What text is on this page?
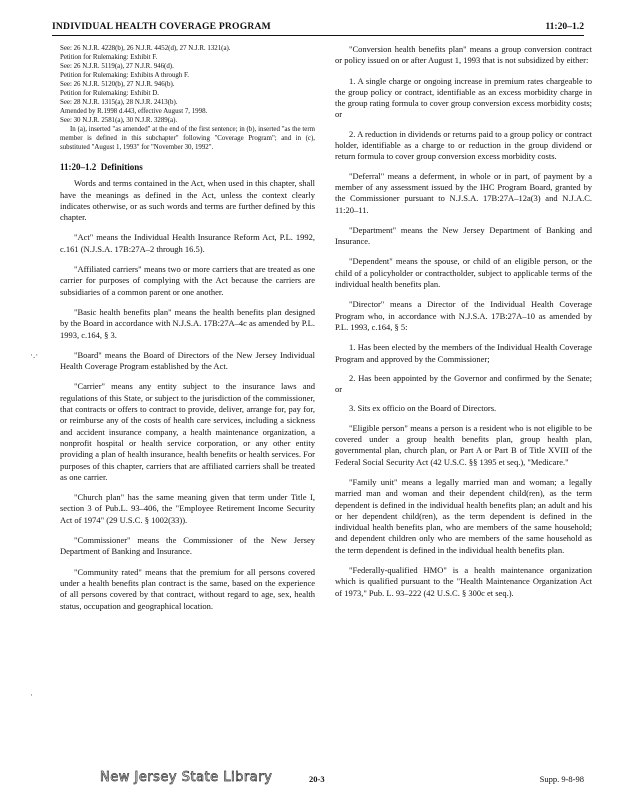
INDIVIDUAL HEALTH COVERAGE PROGRAM	11:20–1.2

See: 26 N.J.R. 4228(b), 26 N.J.R. 4452(d), 27 N.J.R. 1321(a).

Petition for Rulemaking: Exhibit F.

See: 26 N.J.R. 5119(a), 27 N.J.R. 946(d).

Petition for Rulemaking: Exhibits A through F.

See: 26 N.J.R. 5120(b), 27 N.J.R. 946(b).

Petition for Rulemaking: Exhibit D.

See: 28 N.J.R. 1315(a), 28 N.J.R. 2413(b).

Amended by R.1998 d.443, effective August 7, 1998.

See: 30 N.J.R. 2581(a), 30 N.J.R. 3289(a).

In (a), inserted "as amended" at the end of the first sentence; in (b), inserted "as the term member is defined in this subchapter" following "Coverage Program"; and in (c), substituted "August 1, 1993" for "November 30, 1992".

11:20–1.2 Definitions

Words and terms contained in the Act, when used in this chapter, shall have the meanings as defined in the Act, unless the context clearly indicates otherwise, or as such words and terms are further defined by this chapter.

"Act" means the Individual Health Insurance Reform Act, P.L. 1992, c.161 (N.J.S.A. 17B:27A–2 through 16.5).

"Affiliated carriers" means two or more carriers that are treated as one carrier for purposes of complying with the Act because the carriers are subsidiaries of a common parent or one another.

"Basic health benefits plan" means the health benefits plan designed by the Board in accordance with N.J.S.A. 17B:27A–4c as amended by P.L. 1993, c.164, § 3.

"Board" means the Board of Directors of the New Jersey Individual Health Coverage Program established by the Act.

"Carrier" means any entity subject to the insurance laws and regulations of this State, or subject to the jurisdiction of the commissioner, that contracts or offers to contract to provide, deliver, arrange for, pay for, or reimburse any of the costs of health care services, including a sickness and accident insurance company, a health maintenance organization, a nonprofit hospital or health service corporation, or any other entity providing a plan of health insurance, health benefits or health services. For purposes of this chapter, carriers that are affiliated carriers shall be treated as one carrier.

"Church plan" has the same meaning given that term under Title I, section 3 of Pub.L. 93–406, the "Employee Retirement Income Security Act of 1974" (29 U.S.C. § 1002(33)).

"Commissioner" means the Commissioner of the New Jersey Department of Banking and Insurance.

"Community rated" means that the premium for all persons covered under a health benefits plan contract is the same, based on the experience of all persons covered by that contract, without regard to age, sex, health status, occupation and geographical location.

"Conversion health benefits plan" means a group conversion contract or policy issued on or after August 1, 1993 that is not subsidized by either:

1. A single charge or ongoing increase in premium rates chargeable to the group policy or contract, identifiable as an excess morbidity charge in the group rating formula to cover group conversion excess morbidity costs; or

2. A reduction in dividends or returns paid to a group policy or contract holder, identifiable as a charge to or reduction in the group dividend or return formula to cover group conversion excess morbidity costs.

"Deferral" means a deferment, in whole or in part, of payment by a member of any assessment issued by the IHC Program Board, granted by the Commissioner pursuant to N.J.S.A. 17B:27A–12a(3) and N.J.A.C. 11:20–11.

"Department" means the New Jersey Department of Banking and Insurance.

"Dependent" means the spouse, or child of an eligible person, or the child of a policyholder or contractholder, subject to applicable terms of the individual health benefits plan.

"Director" means a Director of the Individual Health Coverage Program who, in accordance with N.J.S.A. 17B:27A–10 as amended by P.L. 1993, c.164, § 5:

1. Has been elected by the members of the Individual Health Coverage Program and approved by the Commissioner;

2. Has been appointed by the Governor and confirmed by the Senate; or

3. Sits ex officio on the Board of Directors.

"Eligible person" means a person is a resident who is not eligible to be covered under a group health benefits plan, group health plan, governmental plan, church plan, or Part A or Part B of Title XVIII of the Federal Social Security Act (42 U.S.C. §§ 1395 et seq.), "Medicare."

"Family unit" means a legally married man and woman; a legally married man and woman and their dependent child(ren), as the term dependent is defined in the individual health benefits plan; an adult and his or her dependent child(ren), as the term dependent is defined in the individual health benefits plan, who are members of the same household; and dependent children only who are members of the same household as the term dependent is defined in the individual health benefits plan.

"Federally-qualified HMO" is a health maintenance organization which is qualified pursuant to the "Health Maintenance Organization Act of 1973," Pub. L. 93–222 (42 U.S.C. § 300c et seq.).

·.·
·
New Jersey State Library	20-3	Supp. 9-8-98
